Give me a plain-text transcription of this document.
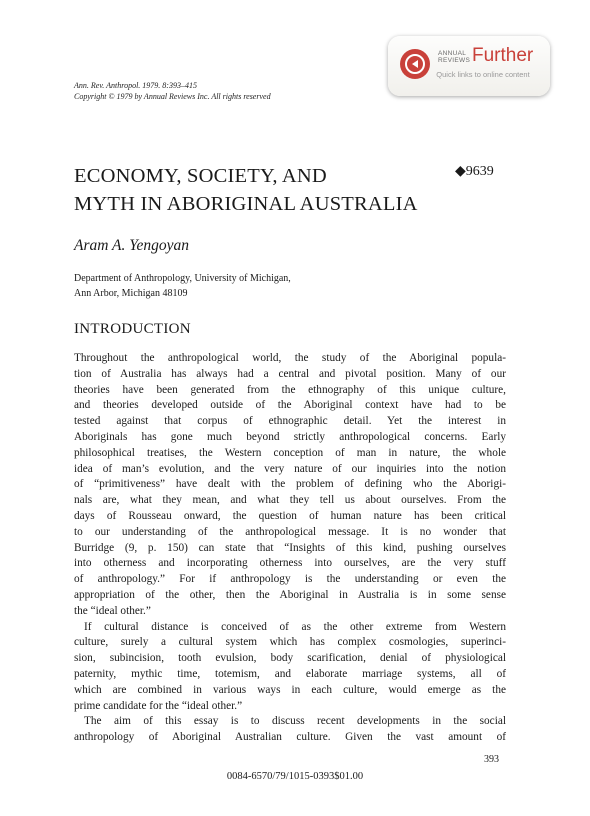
ANNUAL
REVIEWS Further
Quick links to online content
Ann. Rev. Anthropol. 1979. 8:393–415
Copyright © 1979 by Annual Reviews Inc. All rights reserved
ECONOMY, SOCIETY, AND
MYTH IN ABORIGINAL AUSTRALIA
◆9639
Aram A. Yengoyan
Department of Anthropology, University of Michigan,
Ann Arbor, Michigan 48109
INTRODUCTION
Throughout the anthropological world, the study of the Aboriginal popula-
tion of Australia has always had a central and pivotal position. Many of our
theories have been generated from the ethnography of this unique culture,
and theories developed outside of the Aboriginal context have had to be
tested against that corpus of ethnographic detail. Yet the interest in
Aboriginals has gone much beyond strictly anthropological concerns. Early
philosophical treatises, the Western conception of man in nature, the whole
idea of man’s evolution, and the very nature of our inquiries into the notion
of “primitiveness” have dealt with the problem of defining who the Aborigi-
nals are, what they mean, and what they tell us about ourselves. From the
days of Rousseau onward, the question of human nature has been critical
to our understanding of the anthropological message. It is no wonder that
Burridge (9, p. 150) can state that “Insights of this kind, pushing ourselves
into otherness and incorporating otherness into ourselves, are the very stuff
of anthropology.” For if anthropology is the understanding or even the
appropriation of the other, then the Aboriginal in Australia is in some sense
the “ideal other.”
If cultural distance is conceived of as the other extreme from Western
culture, surely a cultural system which has complex cosmologies, superinci-
sion, subincision, tooth evulsion, body scarification, denial of physiological
paternity, mythic time, totemism, and elaborate marriage systems, all of
which are combined in various ways in each culture, would emerge as the
prime candidate for the “ideal other.”
The aim of this essay is to discuss recent developments in the social
anthropology of Aboriginal Australian culture. Given the vast amount of
393
0084-6570/79/1015-0393$01.00
